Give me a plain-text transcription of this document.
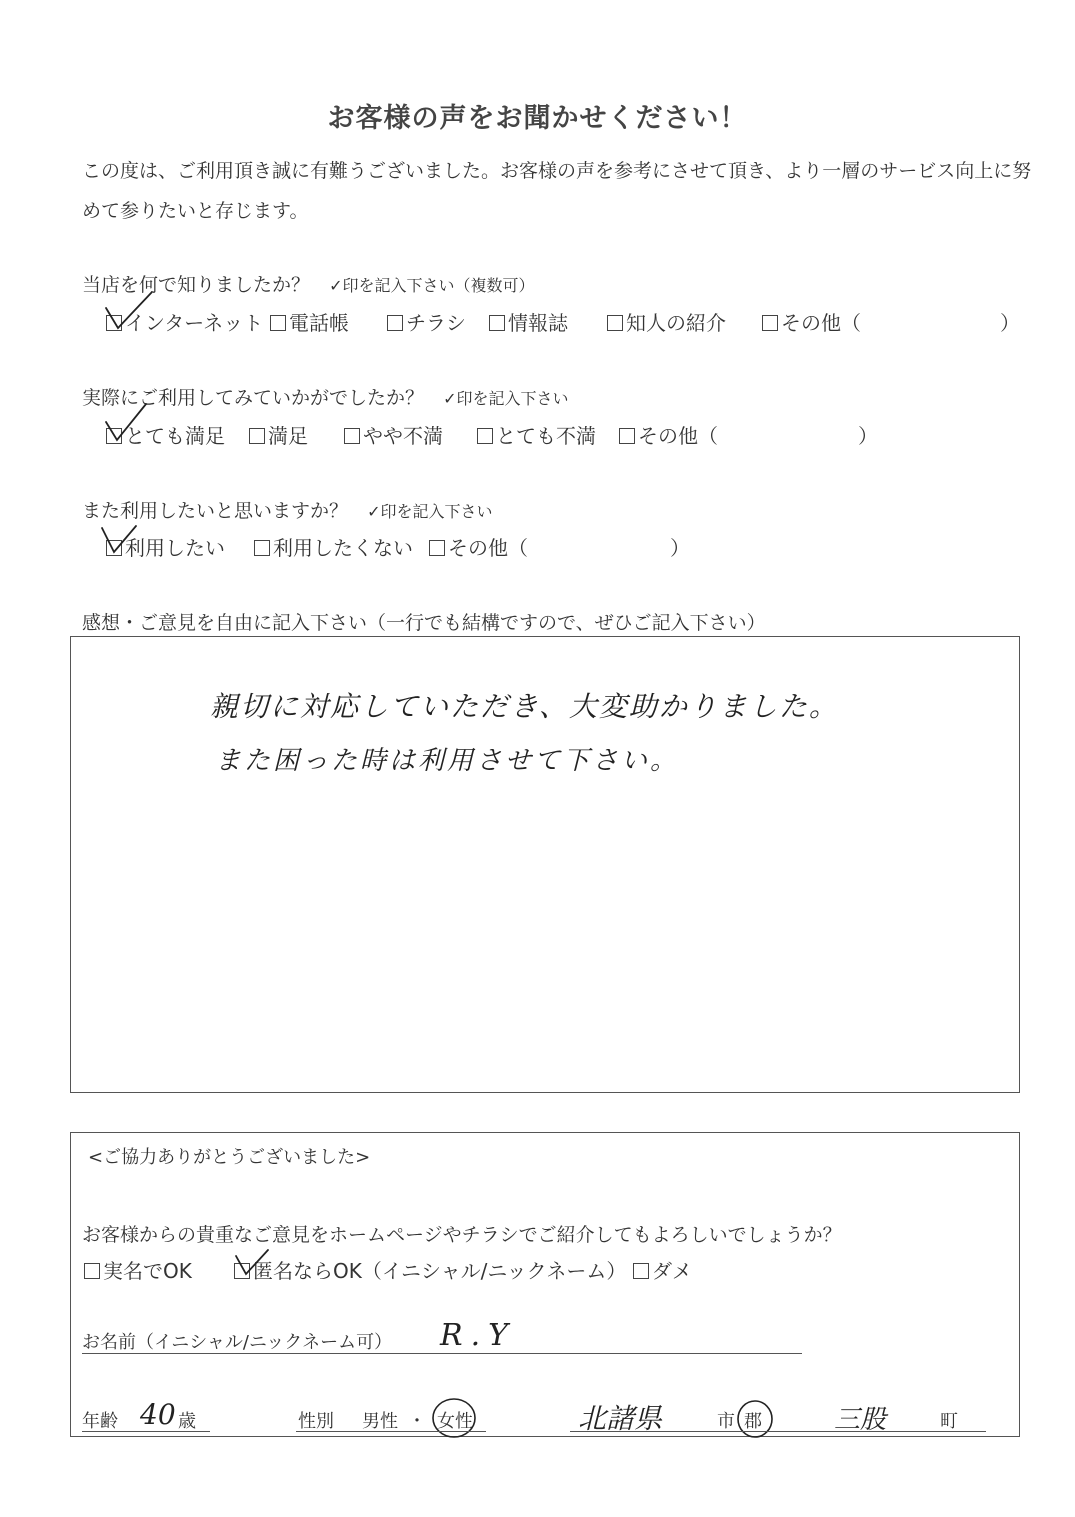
お客様の声をお聞かせください！
この度は、ご利用頂き誠に有難うございました。お客様の声を参考にさせて頂き、より一層のサービス向上に努
めて参りたいと存じます。
当店を何で知りましたか？ ✓印を記入下さい（複数可）
インターネット	電話帳	チラシ	情報誌	知人の紹介	その他（	）
実際にご利用してみていかがでしたか？ ✓印を記入下さい
とても満足	満足	やや不満	とても不満	その他（	）
また利用したいと思いますか？ ✓印を記入下さい
利用したい	利用したくない	その他（	）
感想・ご意見を自由に記入下さい（一行でも結構ですので、ぜひご記入下さい）
親切に対応していただき、大変助かりました。
また困った時は利用させて下さい。
<ご協力ありがとうございました>
お客様からの貴重なご意見をホームページやチラシでご紹介してもよろしいでしょうか？
実名でOK	匿名ならOK（イニシャル/ニックネーム）	ダメ
お名前（イニシャル/ニックネーム可） R.Y
年齢 40 歳	性別 男性 ・ 女性	北諸県	市 郡	三股	町
